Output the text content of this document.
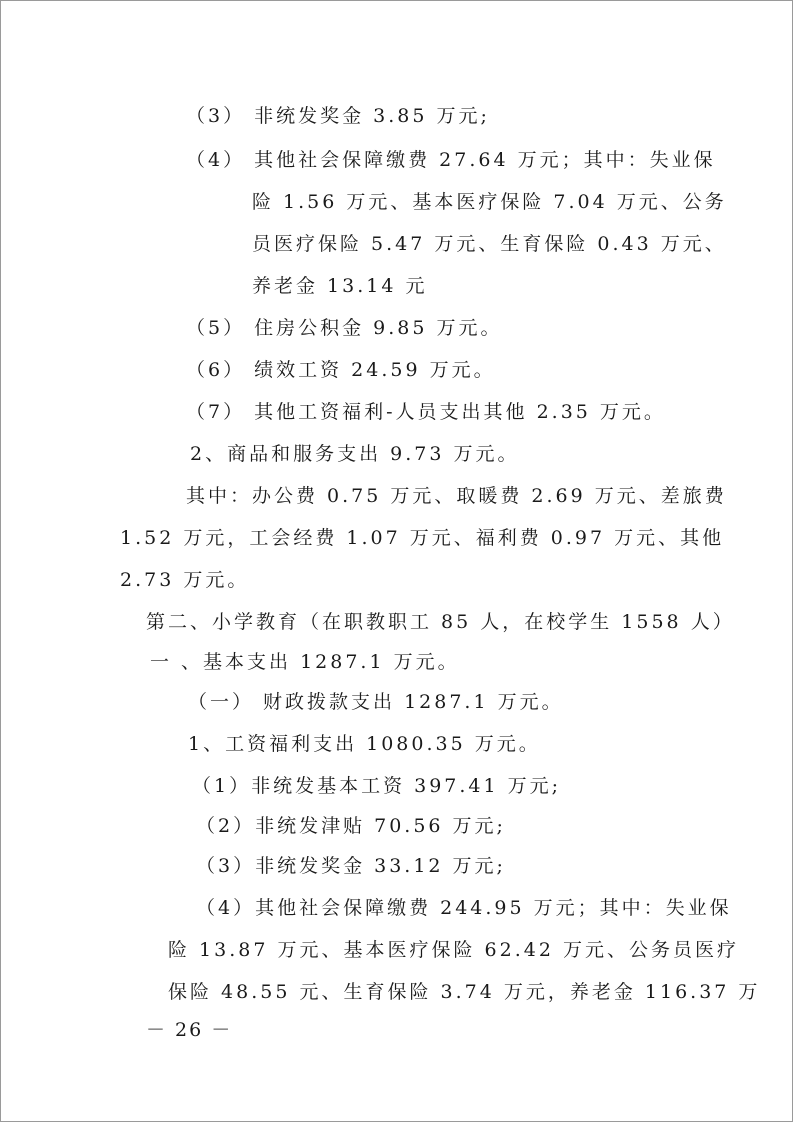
（3） 非统发奖金 3.85 万元;
（4） 其他社会保障缴费 27.64 万元；其中：失业保
险 1.56 万元、基本医疗保险 7.04 万元、公务
员医疗保险 5.47 万元、生育保险 0.43 万元、
养老金 13.14 元
（5） 住房公积金 9.85 万元。
（6） 绩效工资 24.59 万元。
（7） 其他工资福利-人员支出其他 2.35 万元。
2、商品和服务支出 9.73 万元。
其中：办公费 0.75 万元、取暖费 2.69 万元、差旅费
1.52 万元，工会经费 1.07 万元、福利费 0.97 万元、其他
2.73 万元。
第二、小学教育（在职教职工 85 人，在校学生 1558 人）
一 、基本支出 1287.1 万元。
（一） 财政拨款支出 1287.1 万元。
1、工资福利支出 1080.35 万元。
（1）非统发基本工资 397.41 万元;
（2）非统发津贴 70.56 万元;
（3）非统发奖金 33.12 万元;
（4）其他社会保障缴费 244.95 万元；其中：失业保
险 13.87 万元、基本医疗保险 62.42 万元、公务员医疗
保险 48.55 元、生育保险 3.74 万元，养老金 116.37 万
－ 26 －
